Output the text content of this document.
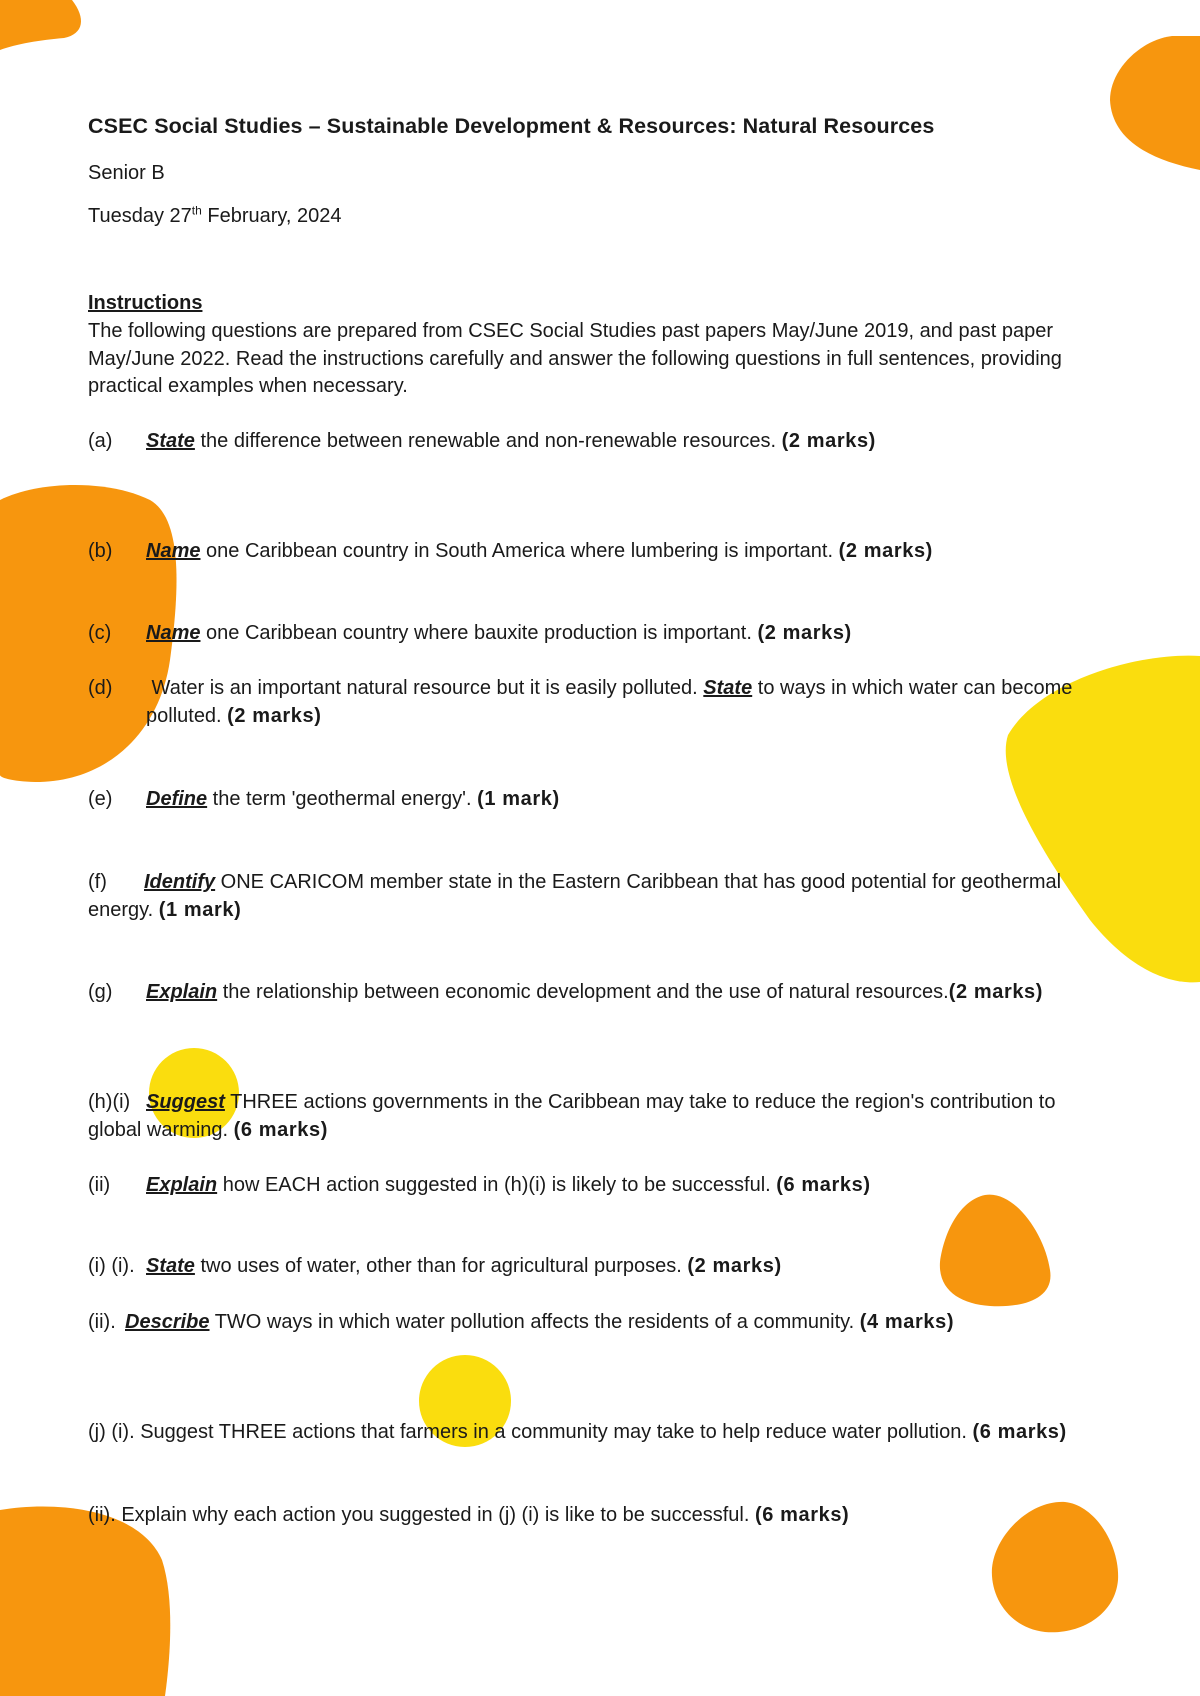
CSEC Social Studies – Sustainable Development & Resources: Natural Resources
Senior B
Tuesday 27th February, 2024
Instructions
The following questions are prepared from CSEC Social Studies past papers May/June 2019, and past paper May/June 2022. Read the instructions carefully and answer the following questions in full sentences, providing practical examples when necessary.
(a) State the difference between renewable and non-renewable resources. (2 marks)
(b) Name one Caribbean country in South America where lumbering is important. (2 marks)
(c) Name one Caribbean country where bauxite production is important. (2 marks)
(d) Water is an important natural resource but it is easily polluted. State to ways in which water can become polluted. (2 marks)
(e) Define the term 'geothermal energy'. (1 mark)
(f) Identify ONE CARICOM member state in the Eastern Caribbean that has good potential for geothermal energy. (1 mark)
(g) Explain the relationship between economic development and the use of natural resources.(2 marks)
(h)(i) Suggest THREE actions governments in the Caribbean may take to reduce the region's contribution to global warming. (6 marks)
(ii) Explain how EACH action suggested in (h)(i) is likely to be successful. (6 marks)
(i) (i). State two uses of water, other than for agricultural purposes. (2 marks)
(ii). Describe TWO ways in which water pollution affects the residents of a community. (4 marks)
(j) (i). Suggest THREE actions that farmers in a community may take to help reduce water pollution. (6 marks)
(ii). Explain why each action you suggested in (j) (i) is like to be successful. (6 marks)
